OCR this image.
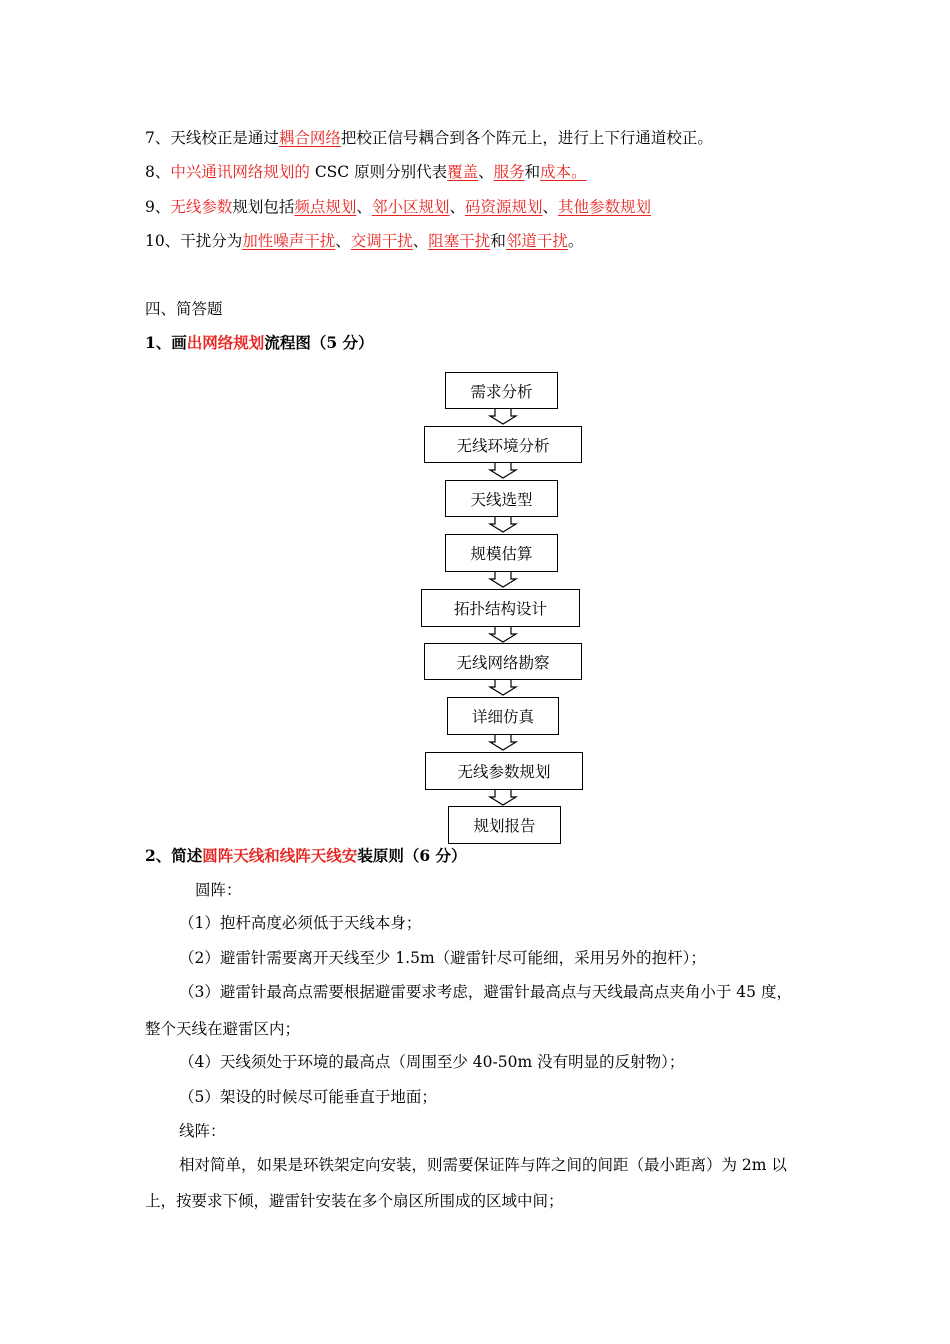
7、天线校正是通过耦合网络把校正信号耦合到各个阵元上，进行上下行通道校正。
8、中兴通讯网络规划的 CSC 原则分别代表覆盖、服务和成本。
9、无线参数规划包括频点规划、邻小区规划、码资源规划、其他参数规划
10、干扰分为加性噪声干扰、交调干扰、阻塞干扰和邻道干扰。
四、简答题
1、画出网络规划流程图（5 分）
需求分析
无线环境分析
天线选型
规模估算
拓扑结构设计
无线网络勘察
详细仿真
无线参数规划
规划报告
2、简述圆阵天线和线阵天线安装原则（6 分）
圆阵：
（1）抱杆高度必须低于天线本身；
（2）避雷针需要离开天线至少 1.5m（避雷针尽可能细，采用另外的抱杆）；
（3）避雷针最高点需要根据避雷要求考虑，避雷针最高点与天线最高点夹角小于 45 度，
整个天线在避雷区内；
（4）天线须处于环境的最高点（周围至少 40-50m 没有明显的反射物）；
（5）架设的时候尽可能垂直于地面；
线阵：
相对简单，如果是环铁架定向安装，则需要保证阵与阵之间的间距（最小距离）为 2m 以
上，按要求下倾，避雷针安装在多个扇区所围成的区域中间；
